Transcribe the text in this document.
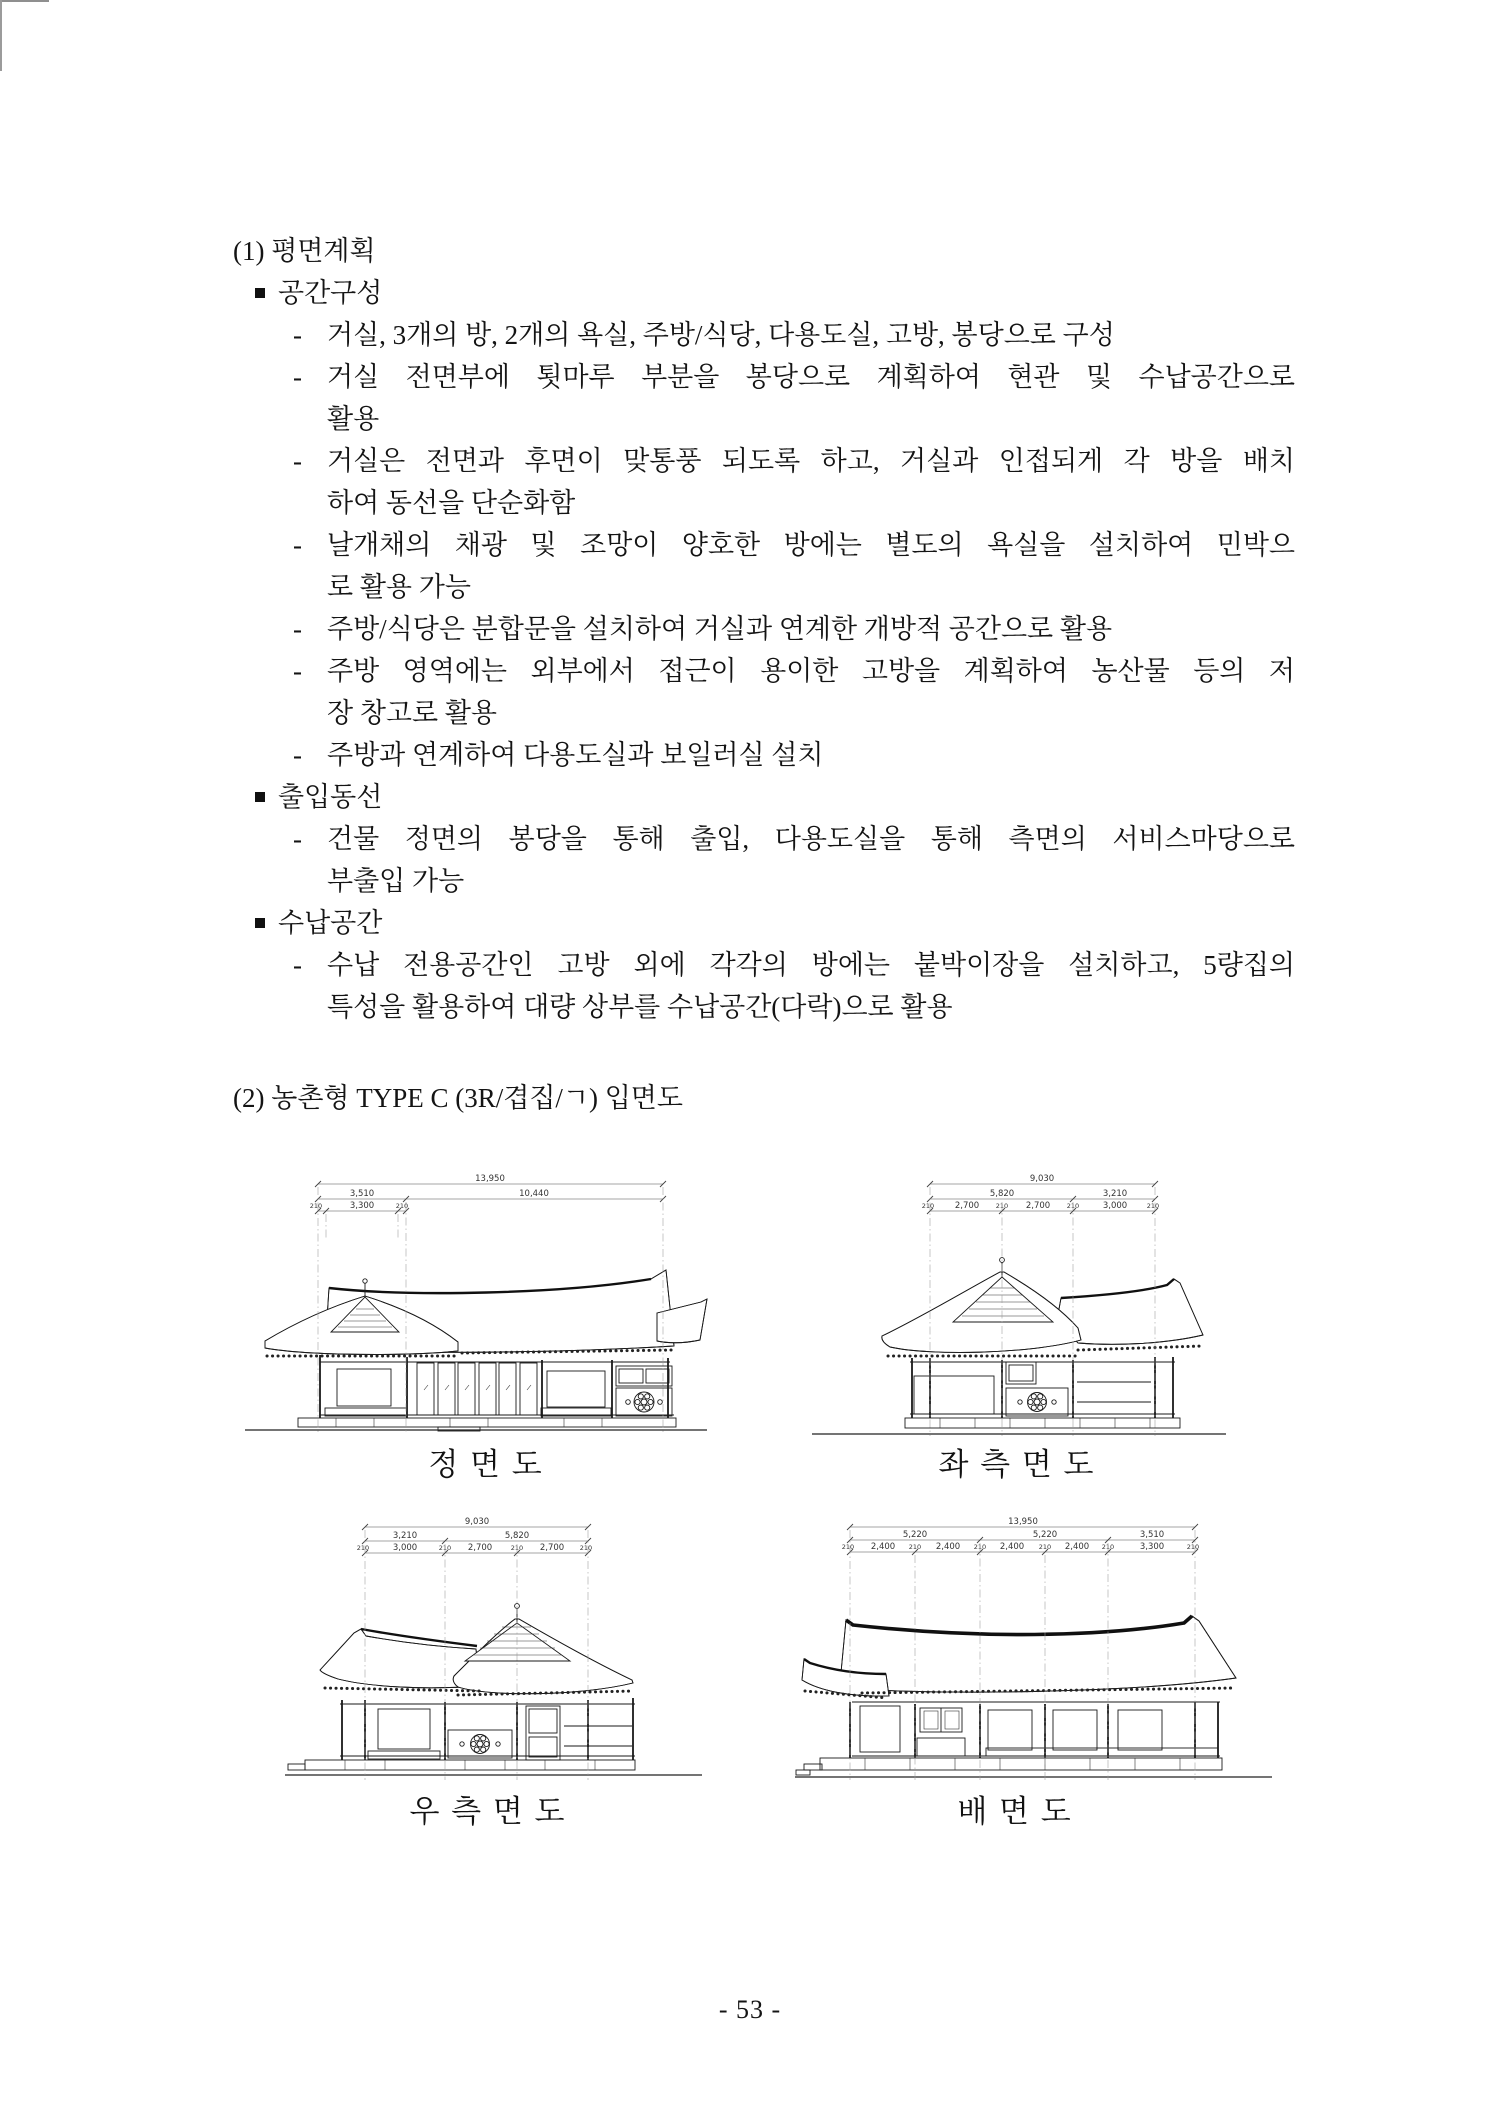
(1) 평면계획
공간구성
- 거실, 3개의 방, 2개의 욕실, 주방/식당, 다용도실, 고방, 봉당으로 구성
- 거실 전면부에 툇마루 부분을 봉당으로 계획하여 현관 및 수납공간으로
활용
- 거실은 전면과 후면이 맞통풍 되도록 하고, 거실과 인접되게 각 방을 배치
하여 동선을 단순화함
- 날개채의 채광 및 조망이 양호한 방에는 별도의 욕실을 설치하여 민박으
로 활용 가능
- 주방/식당은 분합문을 설치하여 거실과 연계한 개방적 공간으로 활용
- 주방 영역에는 외부에서 접근이 용이한 고방을 계획하여 농산물 등의 저
장 창고로 활용
- 주방과 연계하여 다용도실과 보일러실 설치
출입동선
- 건물 정면의 봉당을 통해 출입, 다용도실을 통해 측면의 서비스마당으로
부출입 가능
수납공간
- 수납 전용공간인 고방 외에 각각의 방에는 붙박이장을 설치하고, 5량집의
특성을 활용하여 대량 상부를 수납공간(다락)으로 활용
(2) 농촌형 TYPE C (3R/겹집/ㄱ) 입면도
13,950
3,510	10,440
210	3,300	210
정 면 도
9,030
5,820	3,210
210 2,700	210 2,700	210	3,000	210
좌 측 면 도
9,030
3,210	5,820
210	3,000	210 2,700	210 2,700 210
우 측 면 도
13,950
5,220	5,220	3,510
210 2,400 210 2,400 210 2,400 210 2,400 210	3,300	210
배 면 도
- 53 -
